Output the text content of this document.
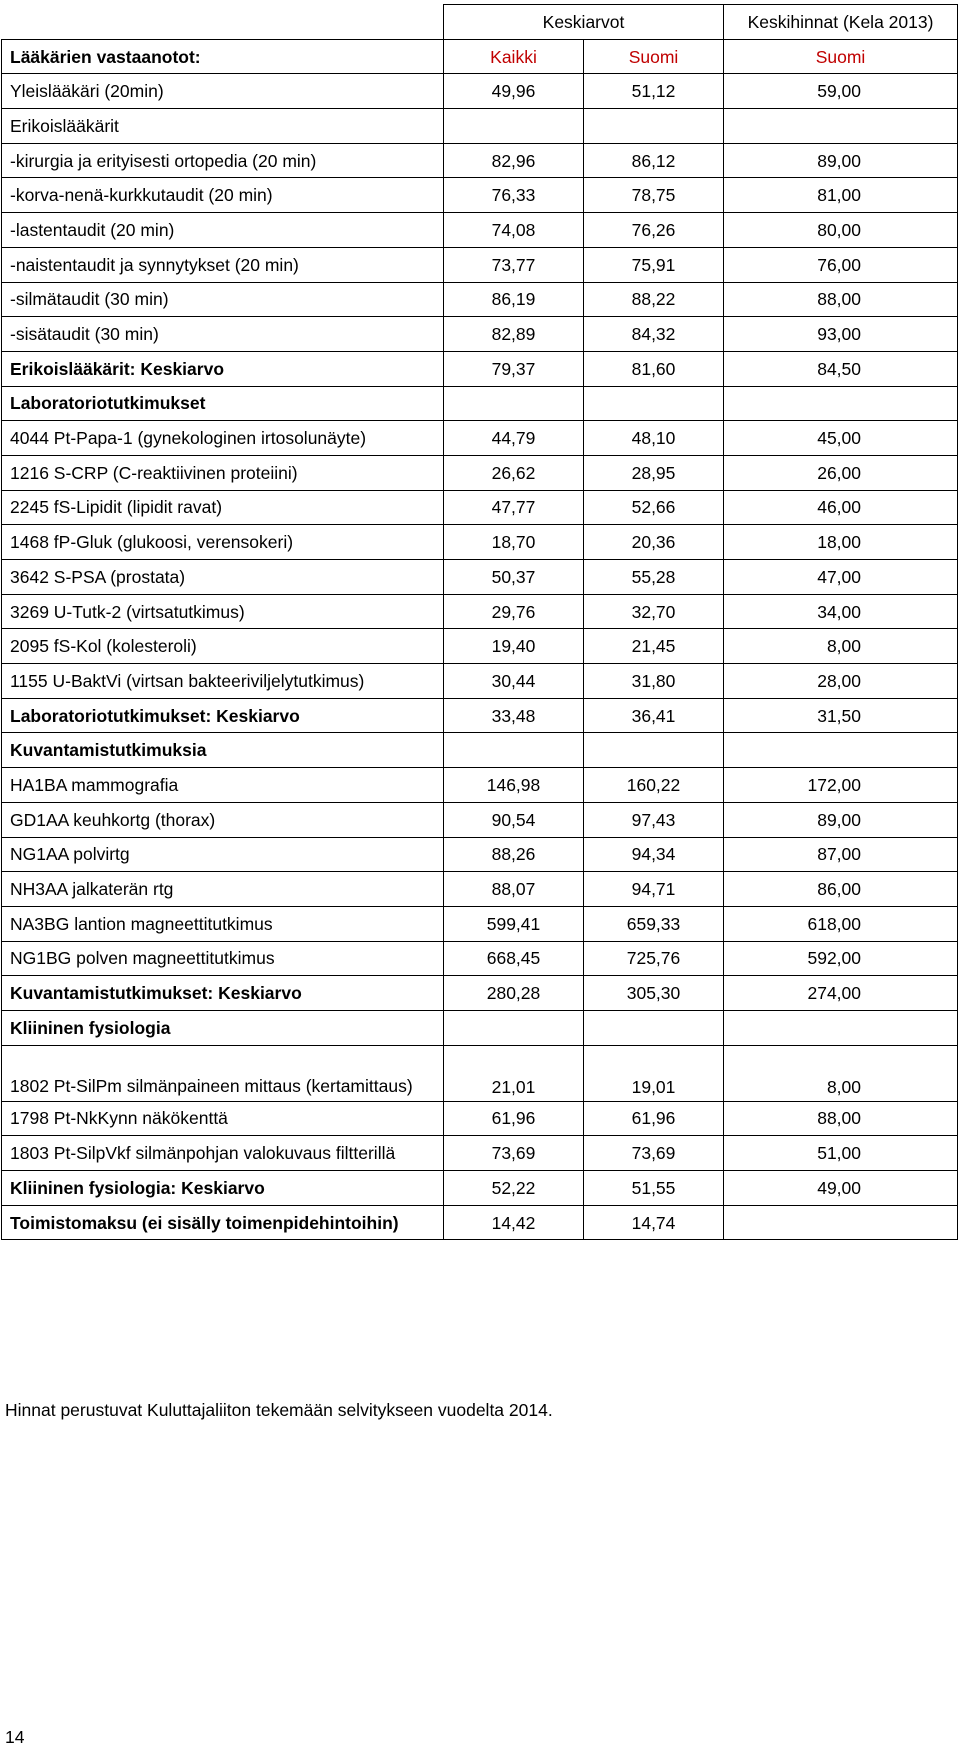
	Keskiarvot		Keskihinnat (Kela 2013)
Lääkärien vastaanotot:	Kaikki	Suomi	Suomi
Yleislääkäri (20min)	49,96	51,12	59,00
Erikoislääkärit			
-kirurgia ja erityisesti ortopedia (20 min)	82,96	86,12	89,00
-korva-nenä-kurkkutaudit (20 min)	76,33	78,75	81,00
-lastentaudit (20 min)	74,08	76,26	80,00
-naistentaudit ja synnytykset (20 min)	73,77	75,91	76,00
-silmätaudit (30 min)	86,19	88,22	88,00
-sisätaudit (30 min)	82,89	84,32	93,00
Erikoislääkärit: Keskiarvo	79,37	81,60	84,50
Laboratoriotutkimukset			
4044 Pt-Papa-1 (gynekologinen irtosolunäyte)	44,79	48,10	45,00
1216 S-CRP (C-reaktiivinen proteiini)	26,62	28,95	26,00
2245 fS-Lipidit (lipidit ravat)	47,77	52,66	46,00
1468 fP-Gluk (glukoosi, verensokeri)	18,70	20,36	18,00
3642 S-PSA (prostata)	50,37	55,28	47,00
3269 U-Tutk-2 (virtsatutkimus)	29,76	32,70	34,00
2095 fS-Kol (kolesteroli)	19,40	21,45	8,00
1155 U-BaktVi (virtsan bakteeriviljelytutkimus)	30,44	31,80	28,00
Laboratoriotutkimukset: Keskiarvo	33,48	36,41	31,50
Kuvantamistutkimuksia			
HA1BA mammografia	146,98	160,22	172,00
GD1AA keuhkortg (thorax)	90,54	97,43	89,00
NG1AA polvirtg	88,26	94,34	87,00
NH3AA jalkaterän rtg	88,07	94,71	86,00
NA3BG lantion magneettitutkimus	599,41	659,33	618,00
NG1BG polven magneettitutkimus	668,45	725,76	592,00
Kuvantamistutkimukset: Keskiarvo	280,28	305,30	274,00
Kliininen fysiologia			
1802 Pt-SilPm silmänpaineen mittaus (kertamittaus)	21,01	19,01	8,00
1798 Pt-NkKynn näkökenttä	61,96	61,96	88,00
1803 Pt-SilpVkf silmänpohjan valokuvaus filtterillä	73,69	73,69	51,00
Kliininen fysiologia: Keskiarvo	52,22	51,55	49,00
Toimistomaksu (ei sisälly toimenpidehintoihin)	14,42	14,74	
Hinnat perustuvat Kuluttajaliiton tekemään selvitykseen vuodelta 2014.
14
